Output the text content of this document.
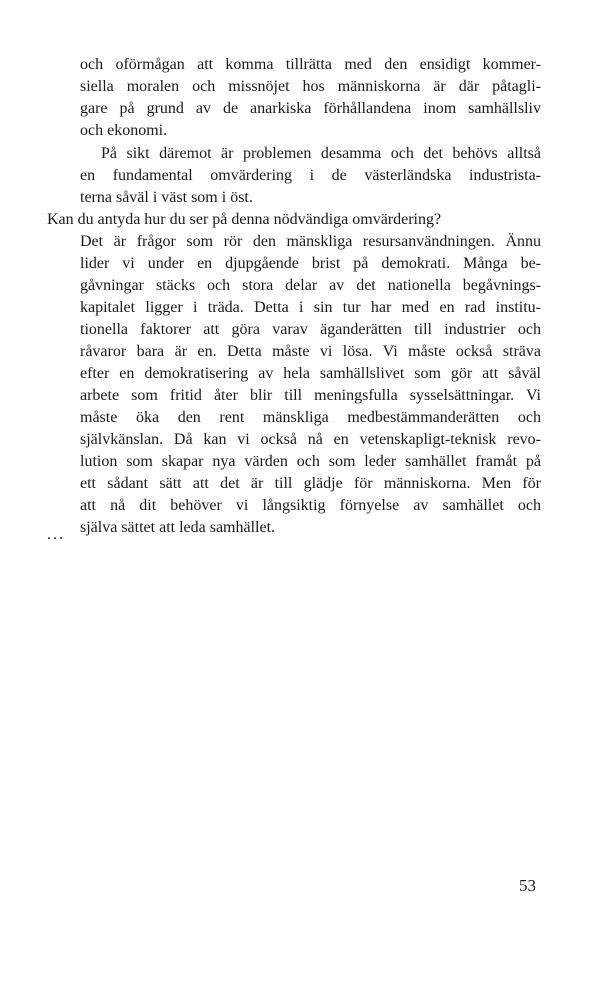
och oförmågan att komma tillrätta med den ensidigt kommer-
siella moralen och missnöjet hos människorna är där påtagli-
gare på grund av de anarkiska förhållandena inom samhällsliv
och ekonomi.
På sikt däremot är problemen desamma och det behövs alltså
en fundamental omvärdering i de västerländska industrista-
terna såväl i väst som i öst.
Kan du antyda hur du ser på denna nödvändiga omvärdering?
Det är frågor som rör den mänskliga resursanvändningen. Ännu
lider vi under en djupgående brist på demokrati. Många be-
gåvningar stäcks och stora delar av det nationella begåvnings-
kapitalet ligger i träda. Detta i sin tur har med en rad institu-
tionella faktorer att göra varav äganderätten till industrier och
råvaror bara är en. Detta måste vi lösa. Vi måste också sträva
efter en demokratisering av hela samhällslivet som gör att såväl
arbete som fritid åter blir till meningsfulla sysselsättningar. Vi
måste öka den rent mänskliga medbestämmanderätten och
självkänslan. Då kan vi också nå en vetenskapligt-teknisk revo-
lution som skapar nya värden och som leder samhället framåt på
ett sådant sätt att det är till glädje för människorna. Men för
att nå dit behöver vi långsiktig förnyelse av samhället och
själva sättet att leda samhället.
...
53
